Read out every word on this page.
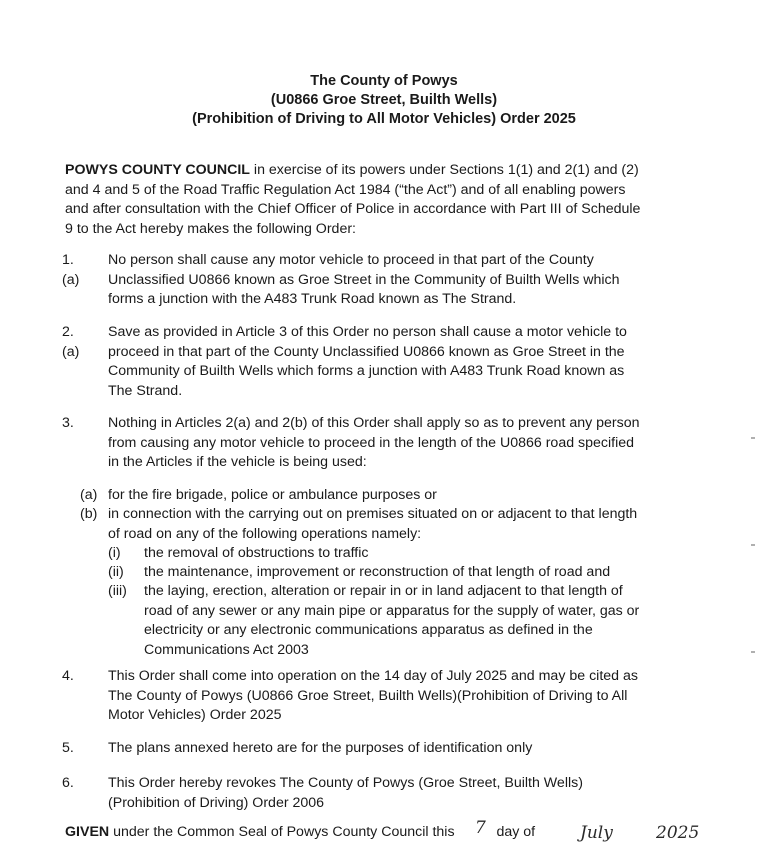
The County of Powys
(U0866 Groe Street, Builth Wells)
(Prohibition of Driving to All Motor Vehicles) Order 2025
POWYS COUNTY COUNCIL in exercise of its powers under Sections 1(1) and 2(1) and (2)
and 4 and 5 of the Road Traffic Regulation Act 1984 (“the Act”) and of all enabling powers
and after consultation with the Chief Officer of Police in accordance with Part III of Schedule
9 to the Act hereby makes the following Order:
1. (a)
No person shall cause any motor vehicle to proceed in that part of the County
Unclassified U0866 known as Groe Street in the Community of Builth Wells which
forms a junction with the A483 Trunk Road known as The Strand.
2. (a)
Save as provided in Article 3 of this Order no person shall cause a motor vehicle to
proceed in that part of the County Unclassified U0866 known as Groe Street in the
Community of Builth Wells which forms a junction with A483 Trunk Road known as
The Strand.
3. Nothing in Articles 2(a) and 2(b) of this Order shall apply so as to prevent any person
from causing any motor vehicle to proceed in the length of the U0866 road specified
in the Articles if the vehicle is being used:
(a) for the fire brigade, police or ambulance purposes or
(b) in connection with the carrying out on premises situated on or adjacent to that length
of road on any of the following operations namely:
(i) the removal of obstructions to traffic
(ii) the maintenance, improvement or reconstruction of that length of road and
(iii) the laying, erection, alteration or repair in or in land adjacent to that length of
road of any sewer or any main pipe or apparatus for the supply of water, gas or
electricity or any electronic communications apparatus as defined in the
Communications Act 2003
4. This Order shall come into operation on the 14 day of July 2025 and may be cited as
The County of Powys (U0866 Groe Street, Builth Wells)(Prohibition of Driving to All
Motor Vehicles) Order 2025
5. The plans annexed hereto are for the purposes of identification only
6. This Order hereby revokes The County of Powys (Groe Street, Builth Wells)
(Prohibition of Driving) Order 2006
GIVEN under the Common Seal of Powys County Council this  day of
7	July	2025
